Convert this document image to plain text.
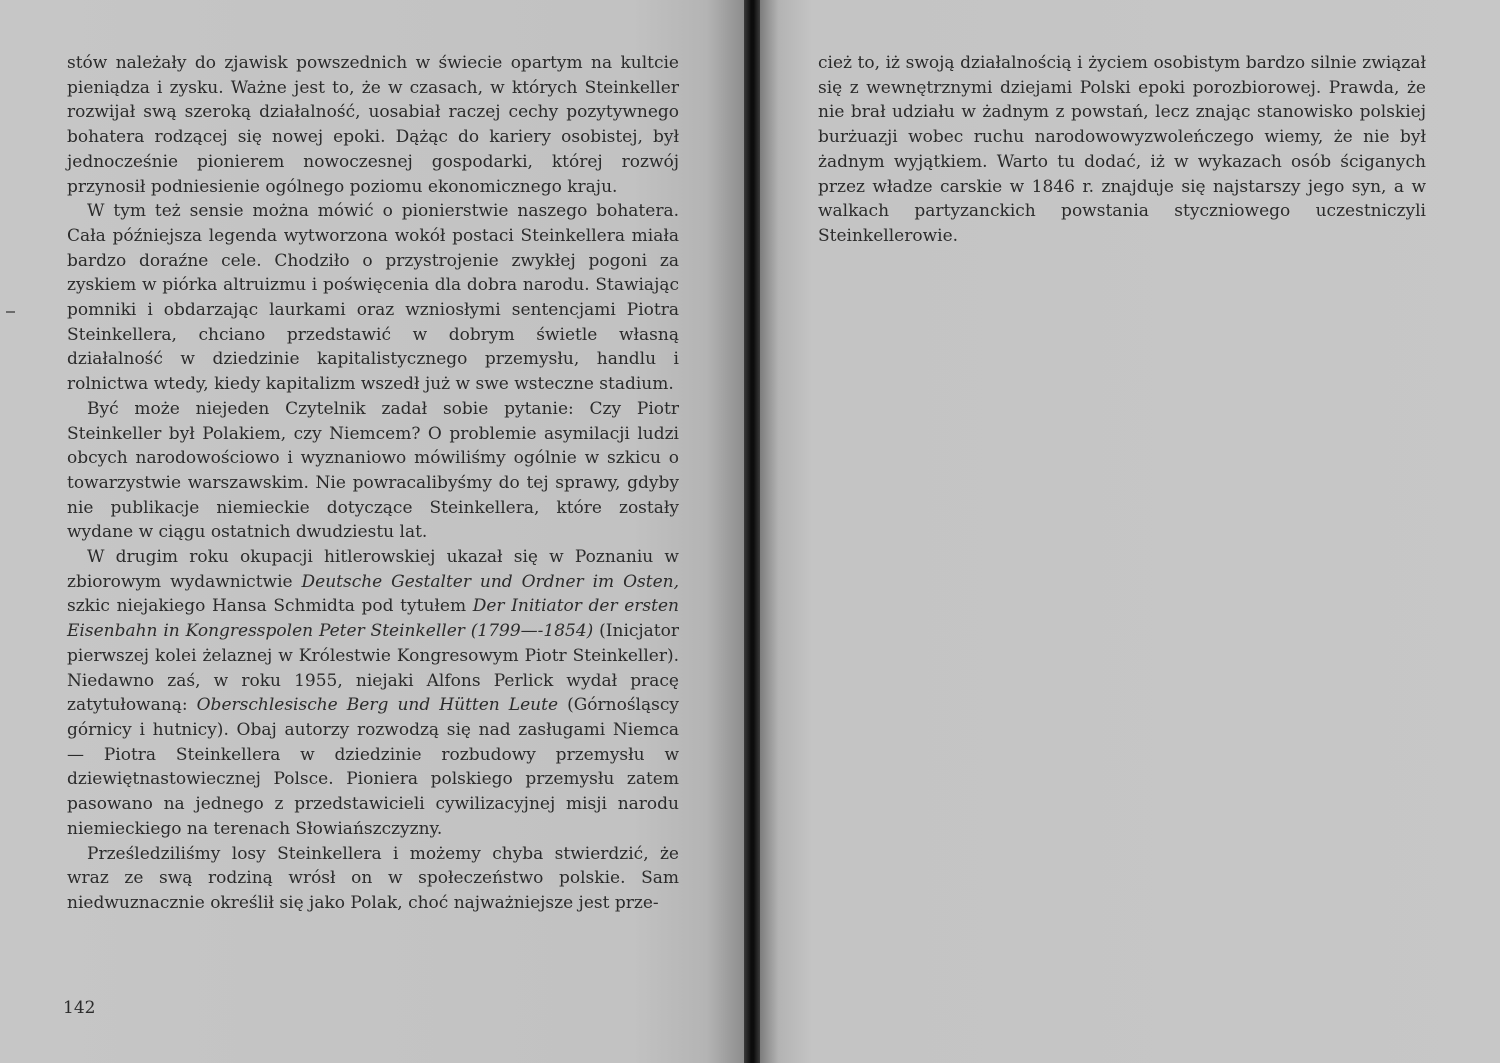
stów należały do zjawisk powszednich w świecie opartym na kultcie pieniądza i zysku. Ważne jest to, że w czasach, w których Steinkeller rozwijał swą szeroką działalność, uosabiał raczej cechy pozytywnego bohatera rodzącej się nowej epoki. Dążąc do kariery osobistej, był jednocześnie pionierem nowoczesnej gospodarki, której rozwój przynosił podniesienie ogólnego poziomu ekonomicznego kraju.

W tym też sensie można mówić o pionierstwie naszego bohatera. Cała późniejsza legenda wytworzona wokół postaci Steinkellera miała bardzo doraźne cele. Chodziło o przystrojenie zwykłej pogoni za zyskiem w piórka altruizmu i poświęcenia dla dobra narodu. Stawiając pomniki i obdarzając laurkami oraz wzniosłymi sentencjami Piotra Steinkellera, chciano przedstawić w dobrym świetle własną działalność w dziedzinie kapitalistycznego przemysłu, handlu i rolnictwa wtedy, kiedy kapitalizm wszedł już w swe wsteczne stadium.

Być może niejeden Czytelnik zadał sobie pytanie: Czy Piotr Steinkeller był Polakiem, czy Niemcem? O problemie asymilacji ludzi obcych narodowościowo i wyznaniowo mówiliśmy ogólnie w szkicu o towarzystwie warszawskim. Nie powracalibyśmy do tej sprawy, gdyby nie publikacje niemieckie dotyczące Steinkellera, które zostały wydane w ciągu ostatnich dwudziestu lat.

W drugim roku okupacji hitlerowskiej ukazał się w Poznaniu w zbiorowym wydawnictwie Deutsche Gestalter und Ordner im Osten, szkic niejakiego Hansa Schmidta pod tytułem Der Initiator der ersten Eisenbahn in Kongresspolen Peter Steinkeller (1799—-1854) (Inicjator pierwszej kolei żelaznej w Królestwie Kongresowym Piotr Steinkeller). Niedawno zaś, w roku 1955, niejaki Alfons Perlick wydał pracę zatytułowaną: Oberschlesische Berg und Hütten Leute (Górnośląscy górnicy i hutnicy). Obaj autorzy rozwodzą się nad zasługami Niemca — Piotra Steinkellera w dziedzinie rozbudowy przemysłu w dziewiętnastowiecznej Polsce. Pioniera polskiego przemysłu zatem pasowano na jednego z przedstawicieli cywilizacyjnej misji narodu niemieckiego na terenach Słowiańszczyzny.

Prześledziliśmy losy Steinkellera i możemy chyba stwierdzić, że wraz ze swą rodziną wrósł on w społeczeństwo polskie. Sam niedwuznacznie określił się jako Polak, choć najważniejsze jest prze-

142

cież to, iż swoją działalnością i życiem osobistym bardzo silnie związał się z wewnętrznymi dziejami Polski epoki porozbiorowej. Prawda, że nie brał udziału w żadnym z powstań, lecz znając stanowisko polskiej burżuazji wobec ruchu narodowowyzwoleńczego wiemy, że nie był żadnym wyjątkiem. Warto tu dodać, iż w wykazach osób ściganych przez władze carskie w 1846 r. znajduje się najstarszy jego syn, a w walkach partyzanckich powstania styczniowego uczestniczyli Steinkellerowie.
